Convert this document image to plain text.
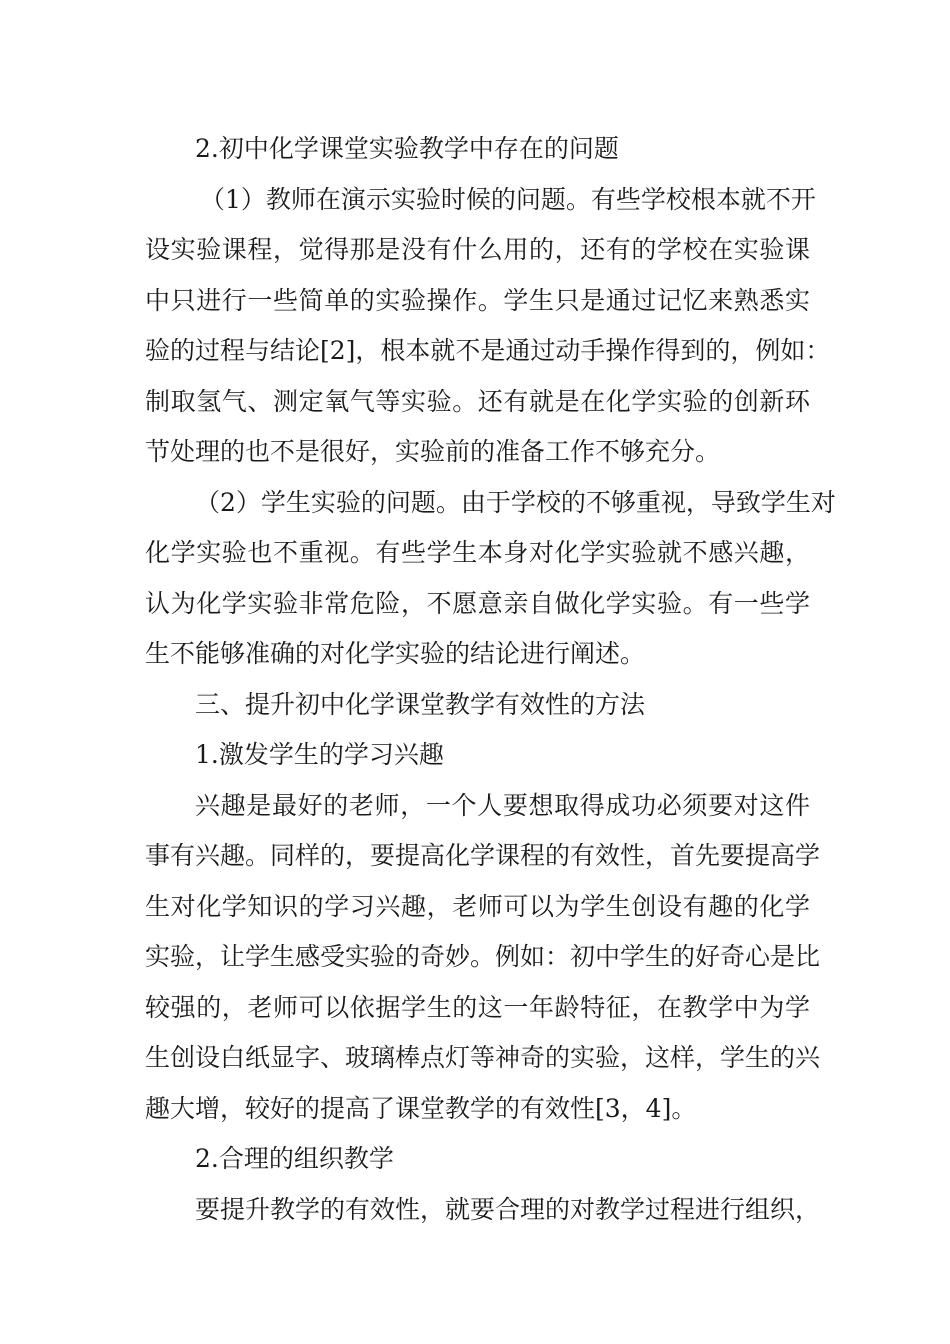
2.初中化学课堂实验教学中存在的问题
（1）教师在演示实验时候的问题。有些学校根本就不开
设实验课程，觉得那是没有什么用的，还有的学校在实验课
中只进行一些简单的实验操作。学生只是通过记忆来熟悉实
验的过程与结论[2]，根本就不是通过动手操作得到的，例如：
制取氢气、测定氧气等实验。还有就是在化学实验的创新环
节处理的也不是很好，实验前的准备工作不够充分。
（2）学生实验的问题。由于学校的不够重视，导致学生对
化学实验也不重视。有些学生本身对化学实验就不感兴趣，
认为化学实验非常危险，不愿意亲自做化学实验。有一些学
生不能够准确的对化学实验的结论进行阐述。
三、提升初中化学课堂教学有效性的方法
1.激发学生的学习兴趣
兴趣是最好的老师，一个人要想取得成功必须要对这件
事有兴趣。同样的，要提高化学课程的有效性，首先要提高学
生对化学知识的学习兴趣，老师可以为学生创设有趣的化学
实验，让学生感受实验的奇妙。例如：初中学生的好奇心是比
较强的，老师可以依据学生的这一年龄特征，在教学中为学
生创设白纸显字、玻璃棒点灯等神奇的实验，这样，学生的兴
趣大增，较好的提高了课堂教学的有效性[3，4]。
2.合理的组织教学
要提升教学的有效性，就要合理的对教学过程进行组织，
